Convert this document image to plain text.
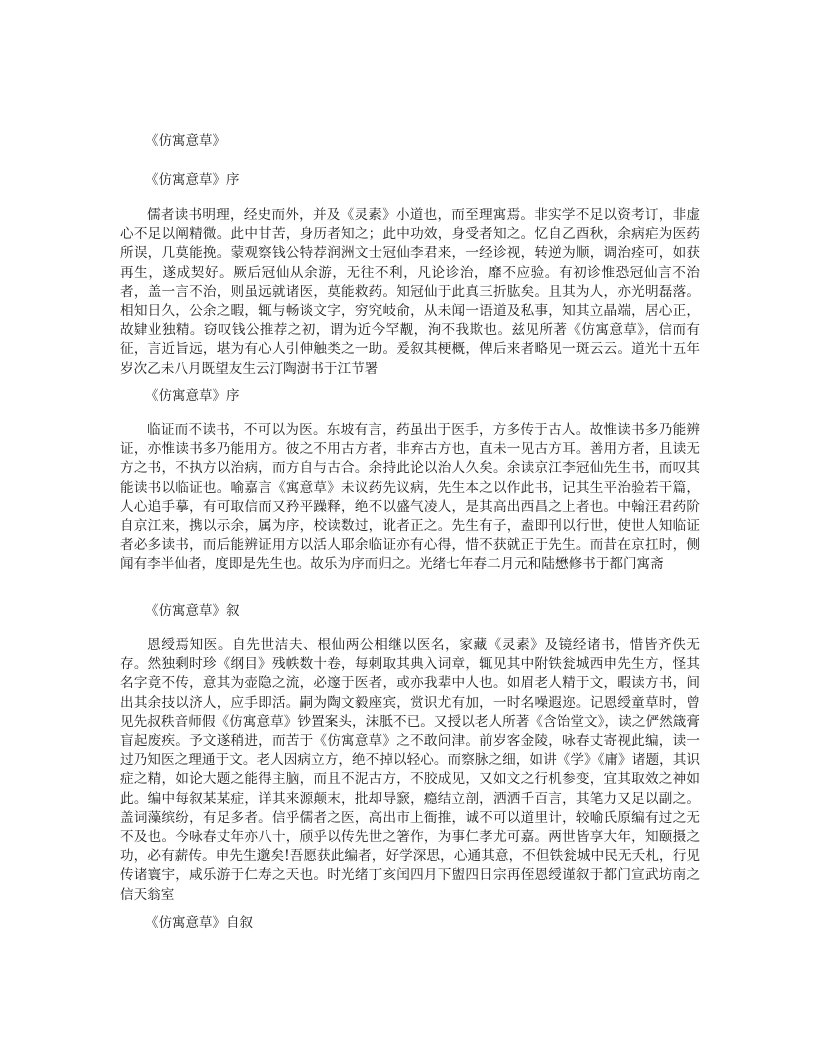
《仿寓意草》
《仿寓意草》序

儒者读书明理，经史而外，并及《灵素》小道也，而至理寓焉。非实学不足以资考订，非虚心不足以阐精微。此中甘苦，身历者知之；此中功效，身受者知之。忆自乙酉秋，余病疟为医药所误，几莫能挽。蒙观察钱公特荐润洲文士冠仙李君来，一经诊视，转逆为顺，调治痊可，如获再生，遂成契好。厥后冠仙从余游，无往不利，凡论诊治，靡不应验。有初诊惟恐冠仙言不治者，盖一言不治，则虽远就诸医，莫能救药。知冠仙于此真三折肱矣。且其为人，亦光明磊落。相知日久，公余之暇，辄与畅谈文字，穷究岐俞，从未闻一语道及私事，知其立晶端，居心正，故肄业独精。窃叹钱公推荐之初，谓为近今罕觏，洵不我欺也。兹见所著《仿寓意草》，信而有征，言近旨远，堪为有心人引伸触类之一助。爰叙其梗概，俾后来者略见一斑云云。道光十五年岁次乙未八月既望友生云汀陶澍书于江节署

《仿寓意草》序

临证而不读书，不可以为医。东坡有言，药虽出于医手，方多传于古人。故惟读书多乃能辨证，亦惟读书多乃能用方。彼之不用古方者，非弃古方也，直未一见古方耳。善用方者，且读无方之书，不执方以治病，而方自与古合。余持此论以治人久矣。余读京江李冠仙先生书，而叹其能读书以临证也。喻嘉言《寓意草》未议药先议病，先生本之以作此书，记其生平治验若干篇，人心追手摹，有可取信而又矜平躁释，绝不以盛气凌人，是其高出西昌之上者也。中翰汪君药阶自京江来，携以示余，属为序，校读数过，讹者正之。先生有子，盍即刊以行世，使世人知临证者必多读书，而后能辨证用方以活人耶余临证亦有心得，惜不获就正于先生。而昔在京扛时，侧闻有李半仙者，度即是先生也。故乐为序而归之。光绪七年春二月元和陆懋修书于都门寓斋

《仿寓意草》叙

恩绶焉知医。自先世洁夫、根仙两公相继以医名，家藏《灵素》及镜经诸书，惜皆齐佚无存。然独剩时珍《纲目》残帙数十卷，每刺取其典入词章，辄见其中附铁瓮城西申先生方，怪其名字竟不传，意其为壶隐之流，必邃于医者，或亦我辈中人也。如眉老人精于文，暇读方书，间出其余技以济人，应手即活。嗣为陶文毅座宾，赏识尤有加，一时名噪遐迩。记恩绶童草时，曾见先叔秩音师假《仿寓意草》钞置案头，沫胝不已。又授以老人所著《含饴堂文》，读之俨然箴膏盲起废疾。予文遂稍进，而苦于《仿寓意草》之不敢问津。前岁客金陵，咏春丈寄视此编，读一过乃知医之理通于文。老人因病立方，绝不掉以轻心。而察脉之细，如讲《学》《庸》诸题，其识症之精，如论大题之能得主脑，而且不泥古方，不胶成见，又如文之行机参变，宜其取效之神如此。编中每叙某某症，详其来源颠末，批却导窾，瘾结立剖，洒洒千百言，其笔力又足以副之。盖词藻缤纷，有足多者。信乎儒者之医，高出市上衙推，诚不可以道里计，较喻氏原编有过之无不及也。今咏春丈年亦八十，颀乎以传先世之箸作，为事仁孝尤可嘉。两世皆享大年，知颐摄之功，必有薪传。申先生邈矣!吾愿获此编者，好学深思，心通其意，不但铁瓮城中民无夭札，行见传诸寰宇，咸乐游于仁寿之天也。时光绪丁亥闰四月下盥四日宗再侄恩绶谨叙于都门宣武坊南之信天翁室

《仿寓意草》自叙
